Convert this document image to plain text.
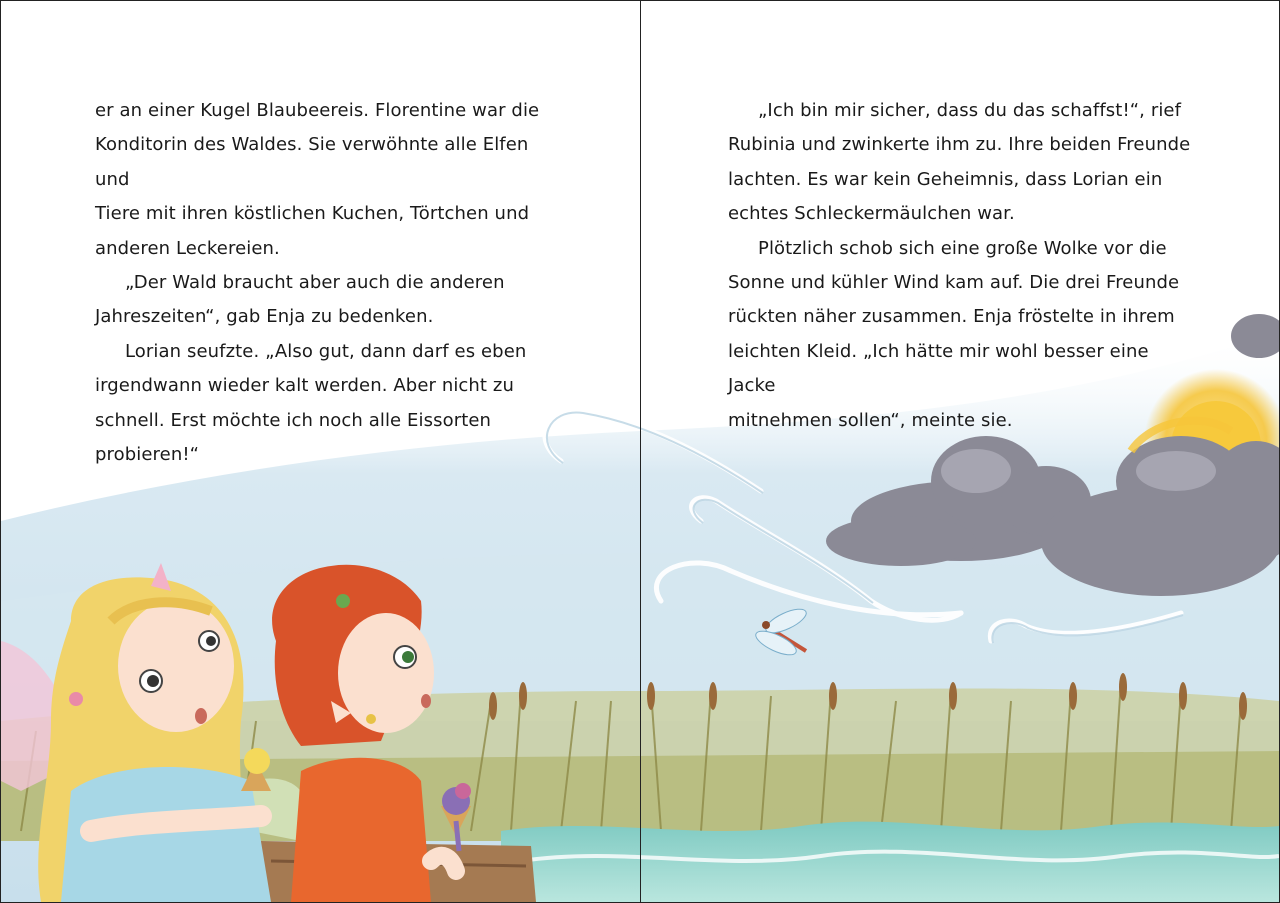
er an einer Kugel Blaubeereis. Florentine war die
Konditorin des Waldes. Sie verwöhnte alle Elfen und
Tiere mit ihren köstlichen Kuchen, Törtchen und
anderen Leckereien.

„Der Wald braucht aber auch die anderen
Jahreszeiten“, gab Enja zu bedenken.

Lorian seufzte. „Also gut, dann darf es eben
irgendwann wieder kalt werden. Aber nicht zu
schnell. Erst möchte ich noch alle Eissorten
probieren!“

„Ich bin mir sicher, dass du das schaffst!“, rief
Rubinia und zwinkerte ihm zu. Ihre beiden Freunde
lachten. Es war kein Geheimnis, dass Lorian ein
echtes Schleckermäulchen war.

Plötzlich schob sich eine große Wolke vor die
Sonne und kühler Wind kam auf. Die drei Freunde
rückten näher zusammen. Enja fröstelte in ihrem
leichten Kleid. „Ich hätte mir wohl besser eine Jacke
mitnehmen sollen“, meinte sie.
